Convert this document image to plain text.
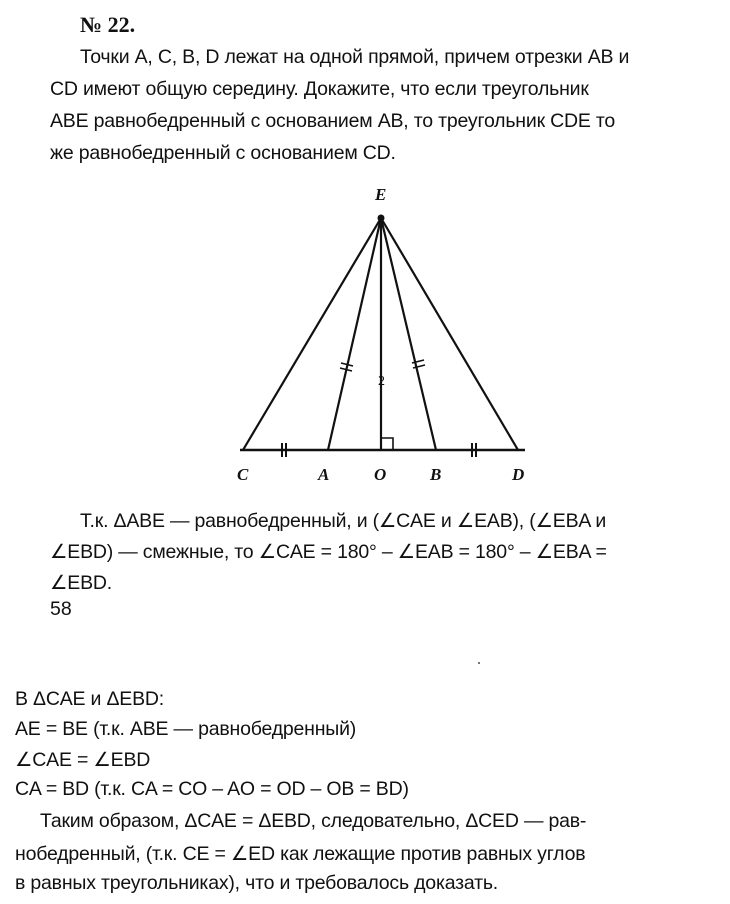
№ 22.
Точки A, C, B, D лежат на одной прямой, причем отрезки AB и
CD имеют общую середину. Докажите, что если треугольник
ABE равнобедренный с основанием AB, то треугольник CDE то
же равнобедренный с основанием CD.
E
C	A	O	B	D
2
Т.к. ΔABE — равнобедренный, и (∠CAE и ∠EAB), (∠EBA и
∠EBD) — смежные, то ∠CAE = 180° – ∠EAB = 180° – ∠EBA =
∠EBD.
58
В ΔCAE и ΔEBD:
AE = BE (т.к. ABE — равнобедренный)
∠CAE = ∠EBD
CA = BD (т.к. CA = CO – AO = OD – OB = BD)
Таким образом, ΔCAE = ΔEBD, следовательно, ΔCED — рав-
нобедренный, (т.к. CE = ∠ED как лежащие против равных углов
в равных треугольниках), что и требовалось доказать.
